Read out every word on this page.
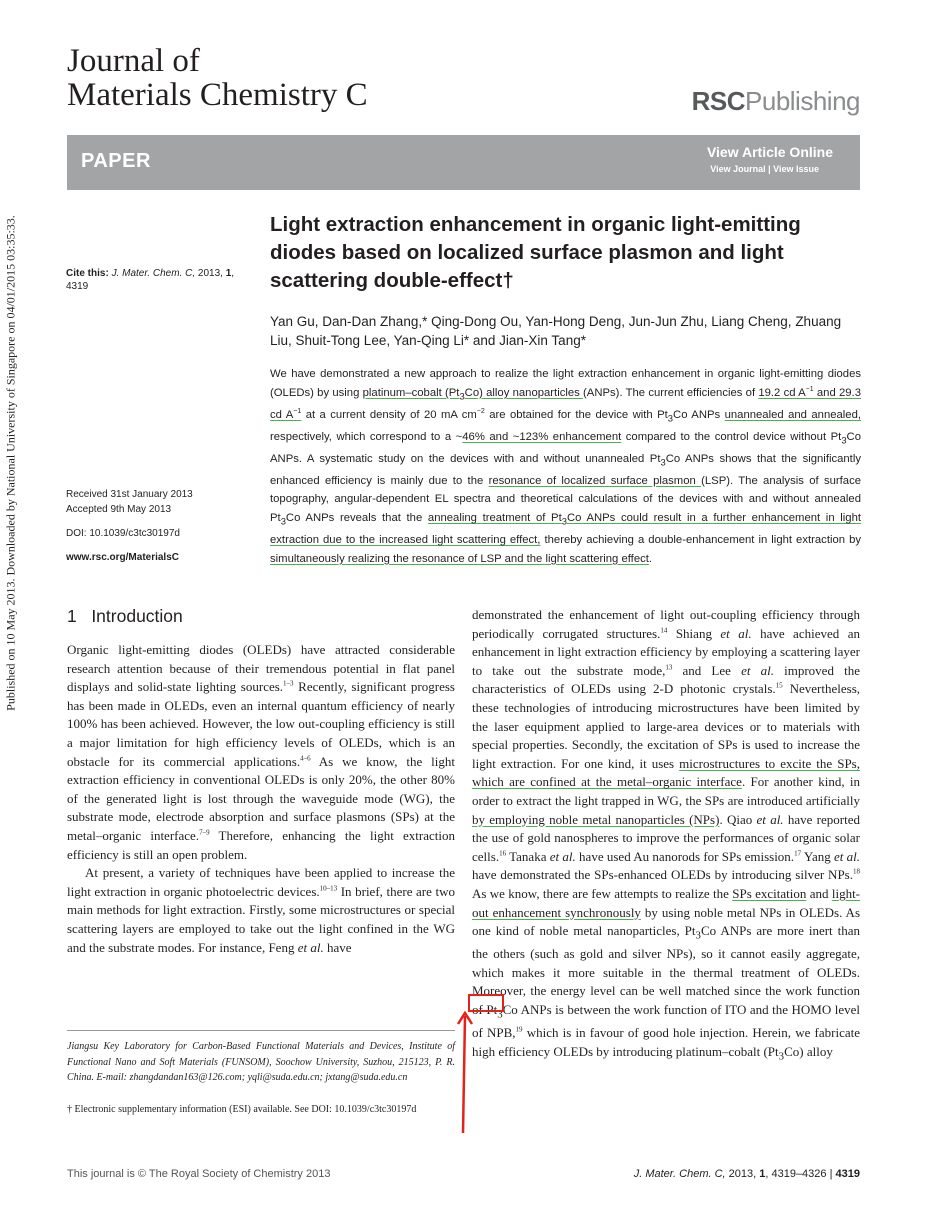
Published on 10 May 2013. Downloaded by National University of Singapore on 04/01/2015 03:35:33.
Journal of
Materials Chemistry C	RSCPublishing
PAPER	View Article Online
View Journal | View Issue
Cite this: J. Mater. Chem. C, 2013, 1, 4319
Received 31st January 2013
Accepted 9th May 2013
DOI: 10.1039/c3tc30197d
www.rsc.org/MaterialsC
Light extraction enhancement in organic light-emitting diodes based on localized surface plasmon and light scattering double-effect†
Yan Gu, Dan-Dan Zhang,* Qing-Dong Ou, Yan-Hong Deng, Jun-Jun Zhu, Liang Cheng, Zhuang Liu, Shuit-Tong Lee, Yan-Qing Li* and Jian-Xin Tang*
We have demonstrated a new approach to realize the light extraction enhancement in organic light-emitting diodes (OLEDs) by using platinum–cobalt $(Pt_3Co)$ alloy nanoparticles (ANPs). The current efficiencies of 19.2 cd $A^{-1}$ and 29.3 cd $A^{-1}$ at a current density of 20 mA $cm^{-2}$ are obtained for the device with $Pt_3Co$ ANPs unannealed and annealed, respectively, which correspond to a ~46% and ~123% enhancement compared to the control device without $Pt_3Co$ ANPs. A systematic study on the devices with and without unannealed $Pt_3Co$ ANPs shows that the significantly enhanced efficiency is mainly due to the resonance of localized surface plasmon (LSP). The analysis of surface topography, angular-dependent EL spectra and theoretical calculations of the devices with and without annealed $Pt_3Co$ ANPs reveals that the annealing treatment of $Pt_3Co$ ANPs could result in a further enhancement in light extraction due to the increased light scattering effect, thereby achieving a double-enhancement in light extraction by simultaneously realizing the resonance of LSP and the light scattering effect.
1   Introduction

Organic light-emitting diodes (OLEDs) have attracted considerable research attention because of their tremendous potential in flat panel displays and solid-state lighting sources.$^{1-3}$ Recently, significant progress has been made in OLEDs, even an internal quantum efficiency of nearly 100% has been achieved. However, the low out-coupling efficiency is still a major limitation for high efficiency levels of OLEDs, which is an obstacle for its commercial applications.$^{4-6}$ As we know, the light extraction efficiency in conventional OLEDs is only 20%, the other 80% of the generated light is lost through the waveguide mode (WG), the substrate mode, electrode absorption and surface plasmons (SPs) at the metal–organic interface.$^{7-9}$ Therefore, enhancing the light extraction efficiency is still an open problem.

At present, a variety of techniques have been applied to increase the light extraction in organic photoelectric devices.$^{10-13}$ In brief, there are two main methods for light extraction. Firstly, some microstructures or special scattering layers are employed to take out the light confined in the WG and the substrate modes. For instance, Feng et al. have

demonstrated the enhancement of light out-coupling efficiency through periodically corrugated structures.$^{14}$ Shiang et al. have achieved an enhancement in light extraction efficiency by employing a scattering layer to take out the substrate mode,$^{13}$ and Lee et al. improved the characteristics of OLEDs using 2-D photonic crystals.$^{15}$ Nevertheless, these technologies of introducing microstructures have been limited by the laser equipment applied to large-area devices or to materials with special properties. Secondly, the excitation of SPs is used to increase the light extraction. For one kind, it uses microstructures to excite the SPs, which are confined at the metal–organic interface. For another kind, in order to extract the light trapped in WG, the SPs are introduced artificially by employing noble metal nanoparticles (NPs). Qiao et al. have reported the use of gold nanospheres to improve the performances of organic solar cells.$^{16}$ Tanaka et al. have used Au nanorods for SPs emission.$^{17}$ Yang et al. have demonstrated the SPs-enhanced OLEDs by introducing silver NPs.$^{18}$ As we know, there are few attempts to realize the SPs excitation and light-out enhancement synchronously by using noble metal NPs in OLEDs. As one kind of noble metal nanoparticles, $Pt_3Co$ ANPs are more inert than the others (such as gold and silver NPs), so it cannot easily aggregate, which makes it more suitable in the thermal treatment of OLEDs. Moreover, the energy level can be well matched since the work function of $Pt_3Co$ ANPs is between the work function of ITO and the HOMO level of NPB,$^{19}$ which is in favour of good hole injection. Herein, we fabricate high efficiency OLEDs by introducing platinum–cobalt $(Pt_3Co)$ alloy

Jiangsu Key Laboratory for Carbon-Based Functional Materials and Devices, Institute of Functional Nano and Soft Materials (FUNSOM), Soochow University, Suzhou, 215123, P. R. China. E-mail: zhangdandan163@126.com; yqli@suda.edu.cn; jxtang@suda.edu.cn
† Electronic supplementary information (ESI) available. See DOI: 10.1039/c3tc30197d
This journal is © The Royal Society of Chemistry 2013	J. Mater. Chem. C, 2013, 1, 4319–4326 | 4319
